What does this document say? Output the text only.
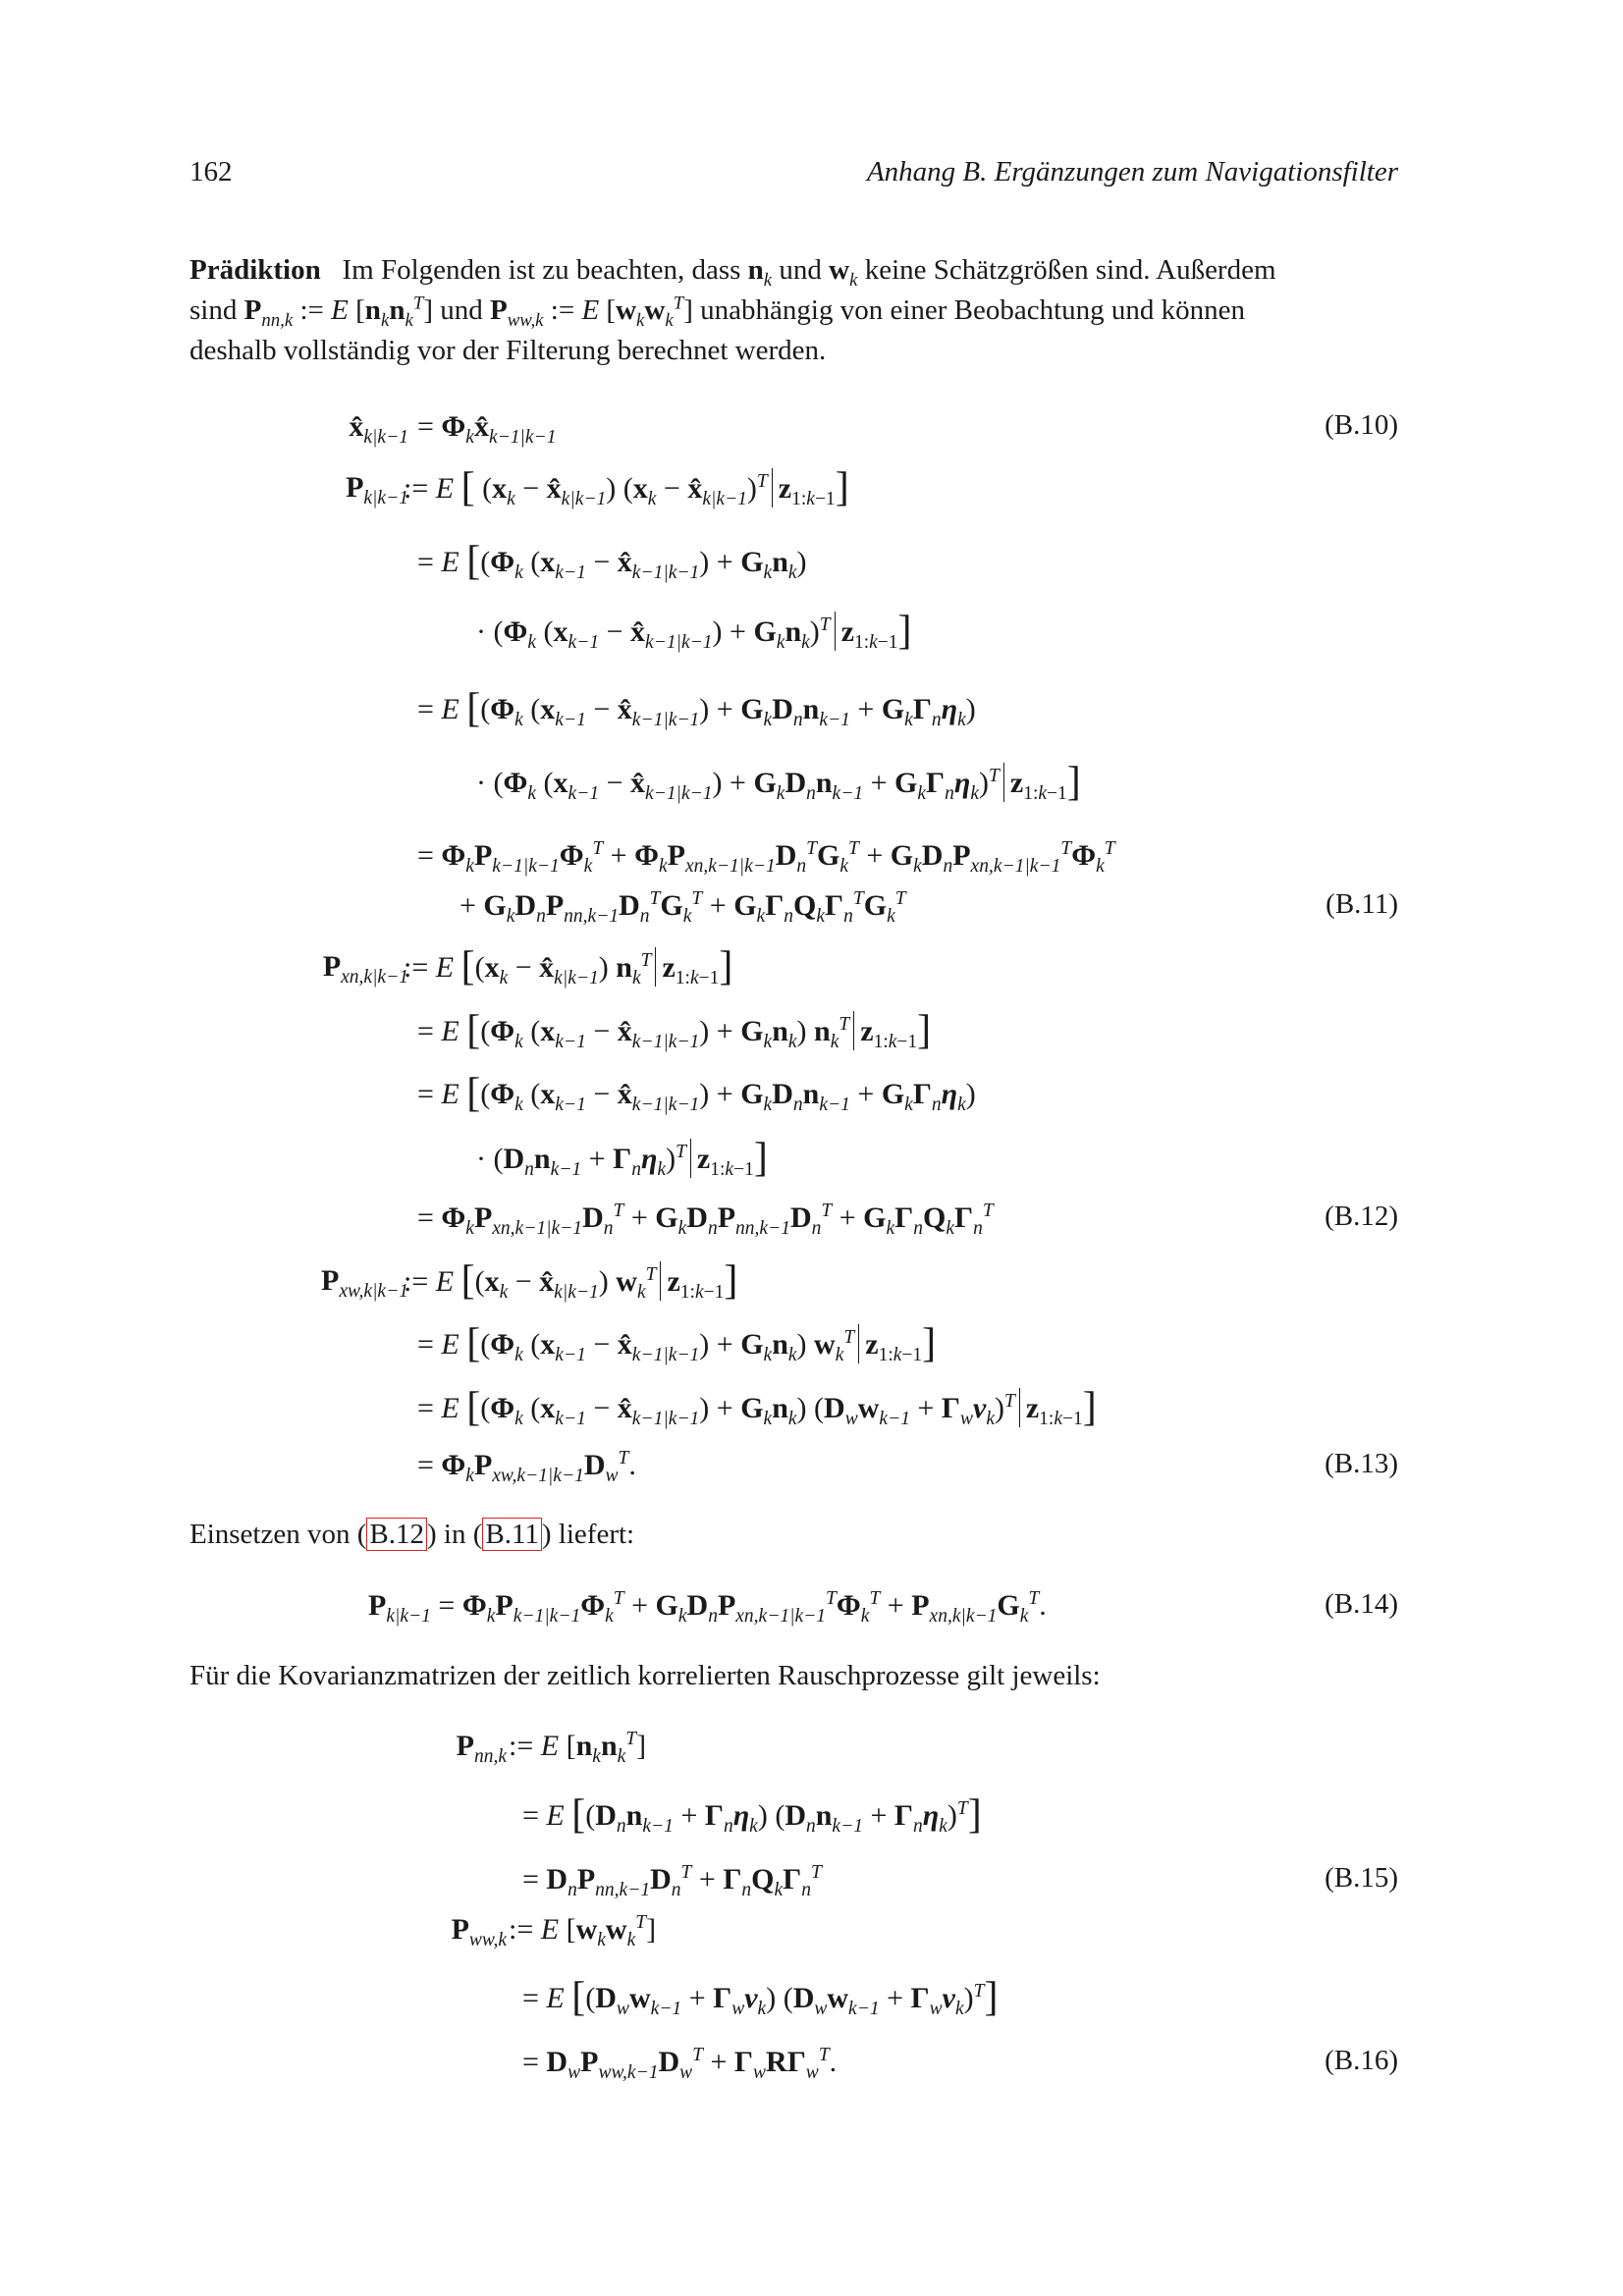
162	Anhang B. Ergänzungen zum Navigationsfilter
Prädiktion Im Folgenden ist zu beachten, dass $n_k$ und $w_k$ keine Schätzgrößen sind. Außerdem
sind $P_{nn,k}$ := E $[n_kn_k^T]$ und $P_{ww,k}$ := E $[w_kw_k^T]$ unabhängig von einer Beobachtung und können
deshalb vollständig vor der Filterung berechnet werden.
$x̂_{k|k-1}$ = $\Phi_kx̂_{k-1|k-1}$	(B.10)
$P_{k|k-1}$
:= E [ ($x_k$ − $x̂_{k|k-1}$) ($x_k$ − $x̂_{k|k-1})^T$ $z_{1:k-1}$]
= E [($\Phi_k$ ($x_{k-1}$ − $x̂_{k-1|k-1}) + G_kn_k$)
· ($\Phi_k$ ($x_{k-1}$ − $x̂_{k-1|k-1}) + G_kn_k)^T$ $z_{1:k-1}$]
= E [($\Phi_k$ ($x_{k-1}$ − $x̂_{k-1|k-1}) + G_kD_nn_{k-1} + G_k\Gamma_n\eta_k$)
· ($\Phi_k$ ($x_{k-1}$ − $x̂_{k-1|k-1}) + G_kD_nn_{k-1} + G_k\Gamma_n\eta_k)^T$ $z_{1:k-1}$]
= $\Phi_kP_{k-1|k-1}\Phi_k^T + \Phi_kP_{xn,k-1|k-1}D_n^TG_k^T + G_kD_nP_{xn,k-1|k-1}^T\Phi_k^T$
+ $G_kD_nP_{nn,k-1}D_n^TG_k^T + G_k\Gamma_nQ_k\Gamma_n^TG_k^T$	(B.11)
$P_{xn,k|k-1}$
:= E [($x_k$ − $x̂_{k|k-1}$) $n_k^T$ $z_{1:k-1}$]
= E [($\Phi_k$ ($x_{k-1}$ − $x̂_{k-1|k-1}) + G_kn_k$) $n_k^T$ $z_{1:k-1}$]
= E [($\Phi_k$ ($x_{k-1}$ − $x̂_{k-1|k-1}) + G_kD_nn_{k-1} + G_k\Gamma_n\eta_k$)
· $(D_nn_{k-1} + \Gamma_n\eta_k)^T$ $z_{1:k-1}$]
= $\Phi_kP_{xn,k-1|k-1}D_n^T + G_kD_nP_{nn,k-1}D_n^T + G_k\Gamma_nQ_k\Gamma_n^T$	(B.12)
$P_{xw,k|k-1}$
:= E [($x_k$ − $x̂_{k|k-1}$) $w_k^T$ $z_{1:k-1}$]
= E [($\Phi_k$ ($x_{k-1}$ − $x̂_{k-1|k-1}) + G_kn_k$) $w_k^T$ $z_{1:k-1}$]
= E [($\Phi_k$ ($x_{k-1}$ − $x̂_{k-1|k-1}) + G_kn_k$) $(D_ww_{k-1} + \Gamma_w\nu_k)^T$ $z_{1:k-1}$]
= $\Phi_kP_{xw,k-1|k-1}D_w^T$.	(B.13)
Einsetzen von ( B.12 ) in ( B.11 ) liefert:
$P_{k|k-1} = \Phi_kP_{k-1|k-1}\Phi_k^T + G_kD_nP_{xn,k-1|k-1}^T\Phi_k^T + P_{xn,k|k-1}G_k^T$.	(B.14)
Für die Kovarianzmatrizen der zeitlich korrelierten Rauschprozesse gilt jeweils:
$P_{nn,k}$ := E $[n_kn_k^T]$
= E $[(D_nn_{k-1} + \Gamma_n\eta_k) (D_nn_{k-1} + \Gamma_n\eta_k)^T]$
= $D_nP_{nn,k-1}D_n^T + \Gamma_nQ_k\Gamma_n^T$	(B.15)
$P_{ww,k}$ := E $[w_kw_k^T]$
= E $[(D_ww_{k-1} + \Gamma_w\nu_k) (D_ww_{k-1} + \Gamma_w\nu_k)^T]$
= $D_wP_{ww,k-1}D_w^T + \Gamma_wR\Gamma_w^T$.	(B.16)
